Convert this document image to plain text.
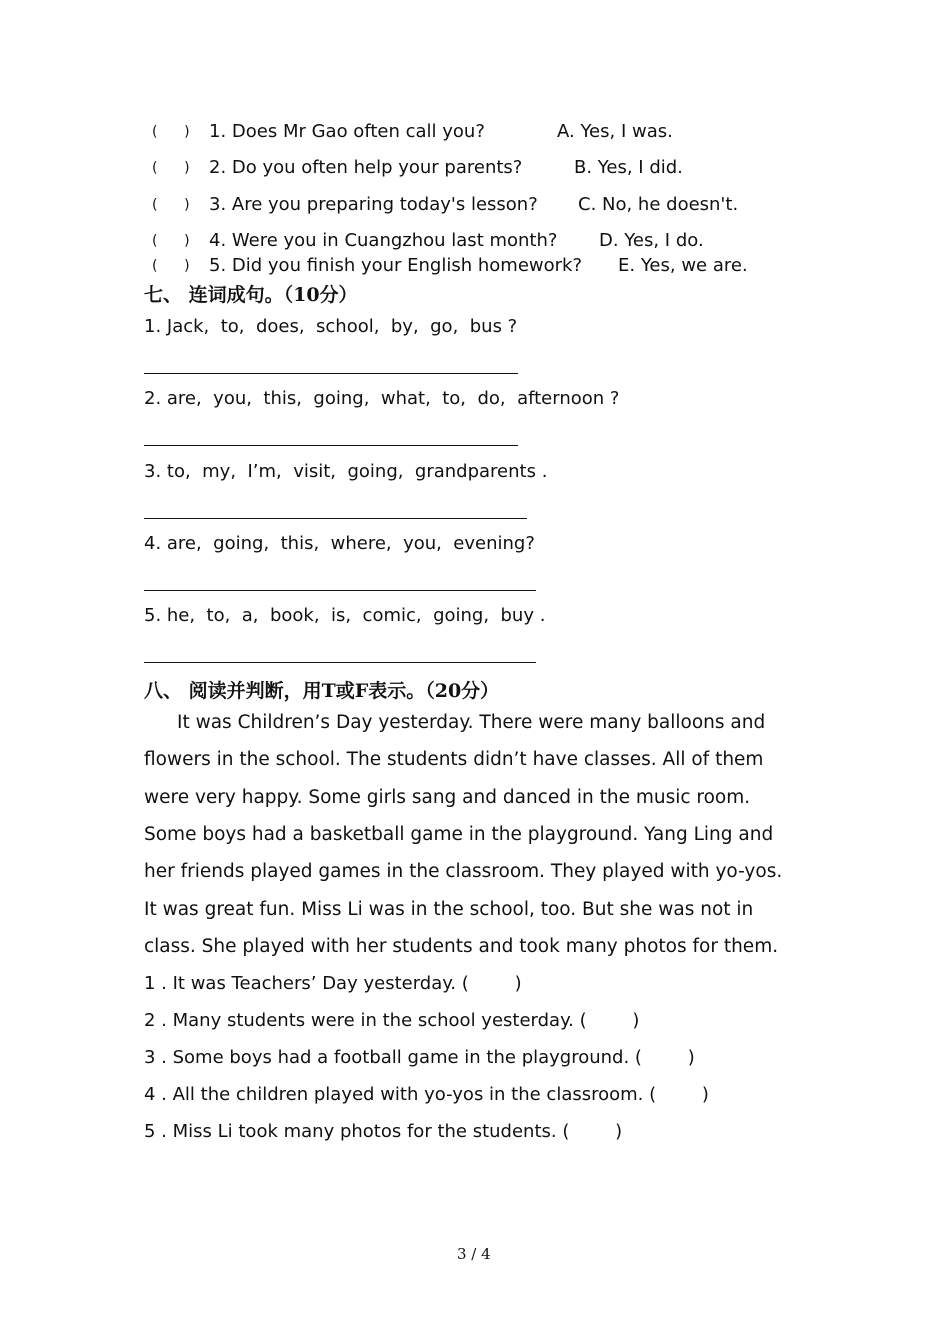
(      ) 1. Does Mr Gao often call you?	A. Yes, I was.
(      ) 2. Do you often help your parents?	B. Yes, I did.
(      ) 3. Are you preparing today's lesson? C. No, he doesn't.
(      ) 4. Were you in Cuangzhou last month? D. Yes, I do.
(      ) 5. Did you finish your English homework? E. Yes, we are.
七、 连词成句。（10分）
1. Jack,  to,  does,  school,  by,  go,  bus ?
2. are,  you,  this,  going,  what,  to,  do,  afternoon ?
3. to,  my,  I’m,  visit,  going,  grandparents .
4. are,  going,  this,  where,  you,  evening?
5. he,  to,  a,  book,  is,  comic,  going,  buy .
八、 阅读并判断，用T或F表示。（20分）
It was Children’s Day yesterday. There were many balloons and
flowers in the school. The students didn’t have classes. All of them
were very happy. Some girls sang and danced in the music room.
Some boys had a basketball game in the playground. Yang Ling and
her friends played games in the classroom. They played with yo-yos.
It was great fun. Miss Li was in the school, too. But she was not in
class. She played with her students and took many photos for them.
1 . It was Teachers’ Day yesterday. (        )
2 . Many students were in the school yesterday. (        )
3 . Some boys had a football game in the playground. (        )
4 . All the children played with yo-yos in the classroom. (        )
5 . Miss Li took many photos for the students. (        )
3 / 4
